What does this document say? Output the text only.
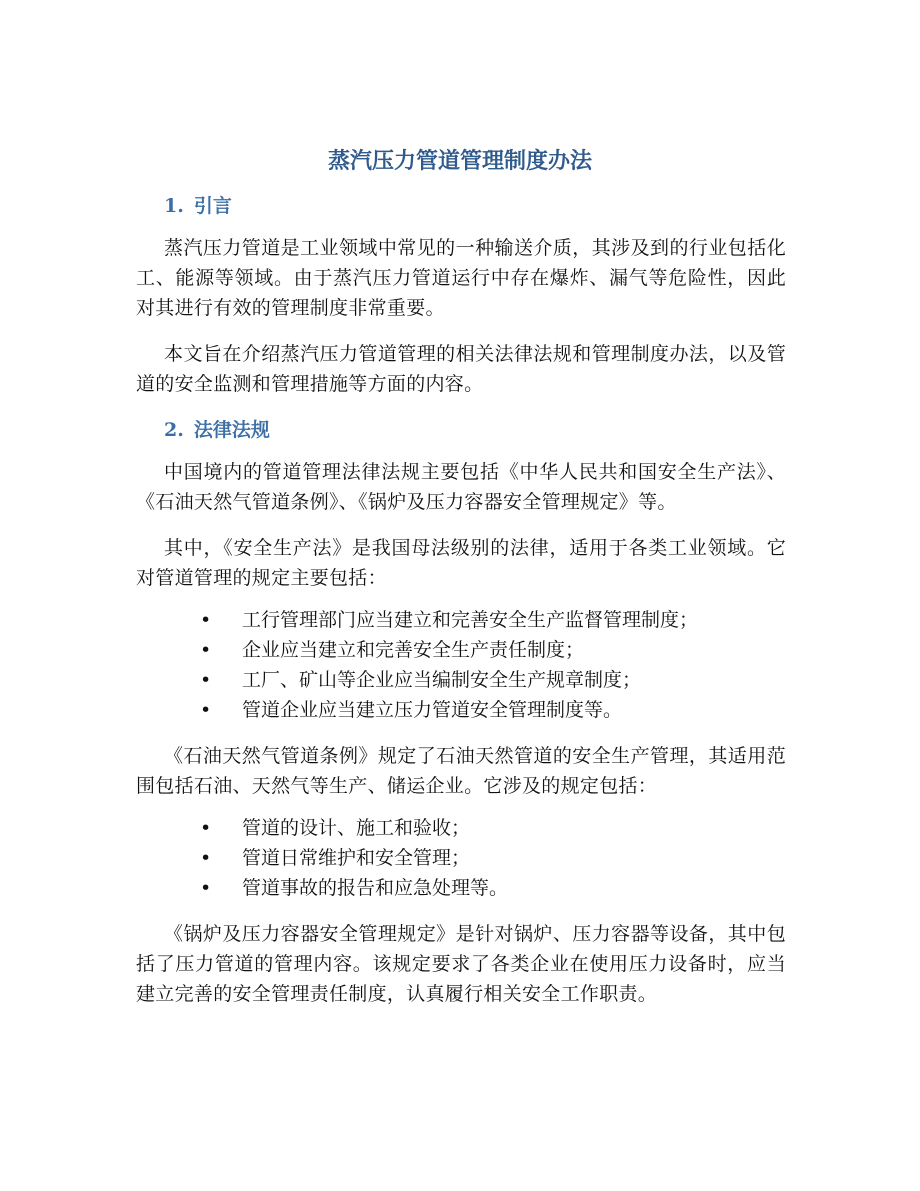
蒸汽压力管道管理制度办法
1. 引言

蒸汽压力管道是工业领域中常见的一种输送介质，其涉及到的行业包括化工、能源等领域。由于蒸汽压力管道运行中存在爆炸、漏气等危险性，因此对其进行有效的管理制度非常重要。

本文旨在介绍蒸汽压力管道管理的相关法律法规和管理制度办法，以及管道的安全监测和管理措施等方面的内容。

2. 法律法规

中国境内的管道管理法律法规主要包括《中华人民共和国安全生产法》、《石油天然气管道条例》、《锅炉及压力容器安全管理规定》等。

其中，《安全生产法》是我国母法级别的法律，适用于各类工业领域。它对管道管理的规定主要包括：

• 工行管理部门应当建立和完善安全生产监督管理制度；
• 企业应当建立和完善安全生产责任制度；
• 工厂、矿山等企业应当编制安全生产规章制度；
• 管道企业应当建立压力管道安全管理制度等。

《石油天然气管道条例》规定了石油天然管道的安全生产管理，其适用范围包括石油、天然气等生产、储运企业。它涉及的规定包括：

• 管道的设计、施工和验收；
• 管道日常维护和安全管理；
• 管道事故的报告和应急处理等。

《锅炉及压力容器安全管理规定》是针对锅炉、压力容器等设备，其中包括了压力管道的管理内容。该规定要求了各类企业在使用压力设备时，应当建立完善的安全管理责任制度，认真履行相关安全工作职责。
